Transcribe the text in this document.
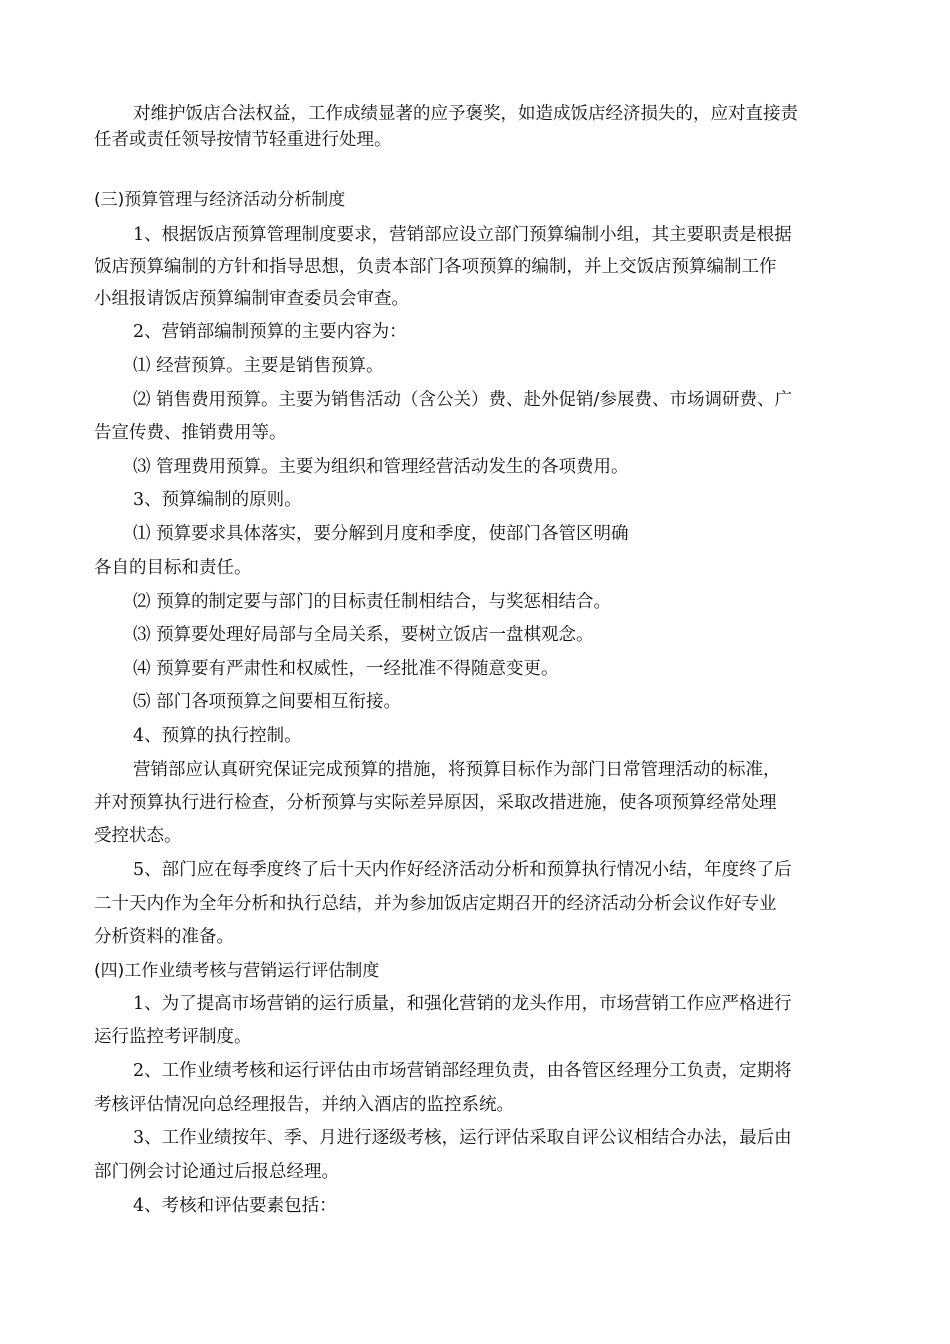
对维护饭店合法权益，工作成绩显著的应予褒奖，如造成饭店经济损失的，应对直接责
任者或责任领导按情节轻重进行处理。
(三)预算管理与经济活动分析制度
1、根据饭店预算管理制度要求，营销部应设立部门预算编制小组，其主要职责是根据
饭店预算编制的方针和指导思想，负责本部门各项预算的编制，并上交饭店预算编制工作
小组报请饭店预算编制审查委员会审查。
2、营销部编制预算的主要内容为：
⑴ 经营预算。主要是销售预算。
⑵ 销售费用预算。主要为销售活动（含公关）费、赴外促销/参展费、市场调研费、广
告宣传费、推销费用等。
⑶ 管理费用预算。主要为组织和管理经营活动发生的各项费用。
3、预算编制的原则。
⑴ 预算要求具体落实，要分解到月度和季度，使部门各管区明确
各自的目标和责任。
⑵ 预算的制定要与部门的目标责任制相结合，与奖惩相结合。
⑶ 预算要处理好局部与全局关系，要树立饭店一盘棋观念。
⑷ 预算要有严肃性和权威性，一经批准不得随意变更。
⑸ 部门各项预算之间要相互衔接。
4、预算的执行控制。
营销部应认真研究保证完成预算的措施，将预算目标作为部门日常管理活动的标准，
并对预算执行进行检查，分析预算与实际差异原因，采取改措进施，使各项预算经常处理
受控状态。
5、部门应在每季度终了后十天内作好经济活动分析和预算执行情况小结，年度终了后
二十天内作为全年分析和执行总结，并为参加饭店定期召开的经济活动分析会议作好专业
分析资料的准备。
(四)工作业绩考核与营销运行评估制度
1、为了提高市场营销的运行质量，和强化营销的龙头作用，市场营销工作应严格进行
运行监控考评制度。
2、工作业绩考核和运行评估由市场营销部经理负责，由各管区经理分工负责，定期将
考核评估情况向总经理报告，并纳入酒店的监控系统。
3、工作业绩按年、季、月进行逐级考核，运行评估采取自评公议相结合办法，最后由
部门例会讨论通过后报总经理。
4、考核和评估要素包括：
